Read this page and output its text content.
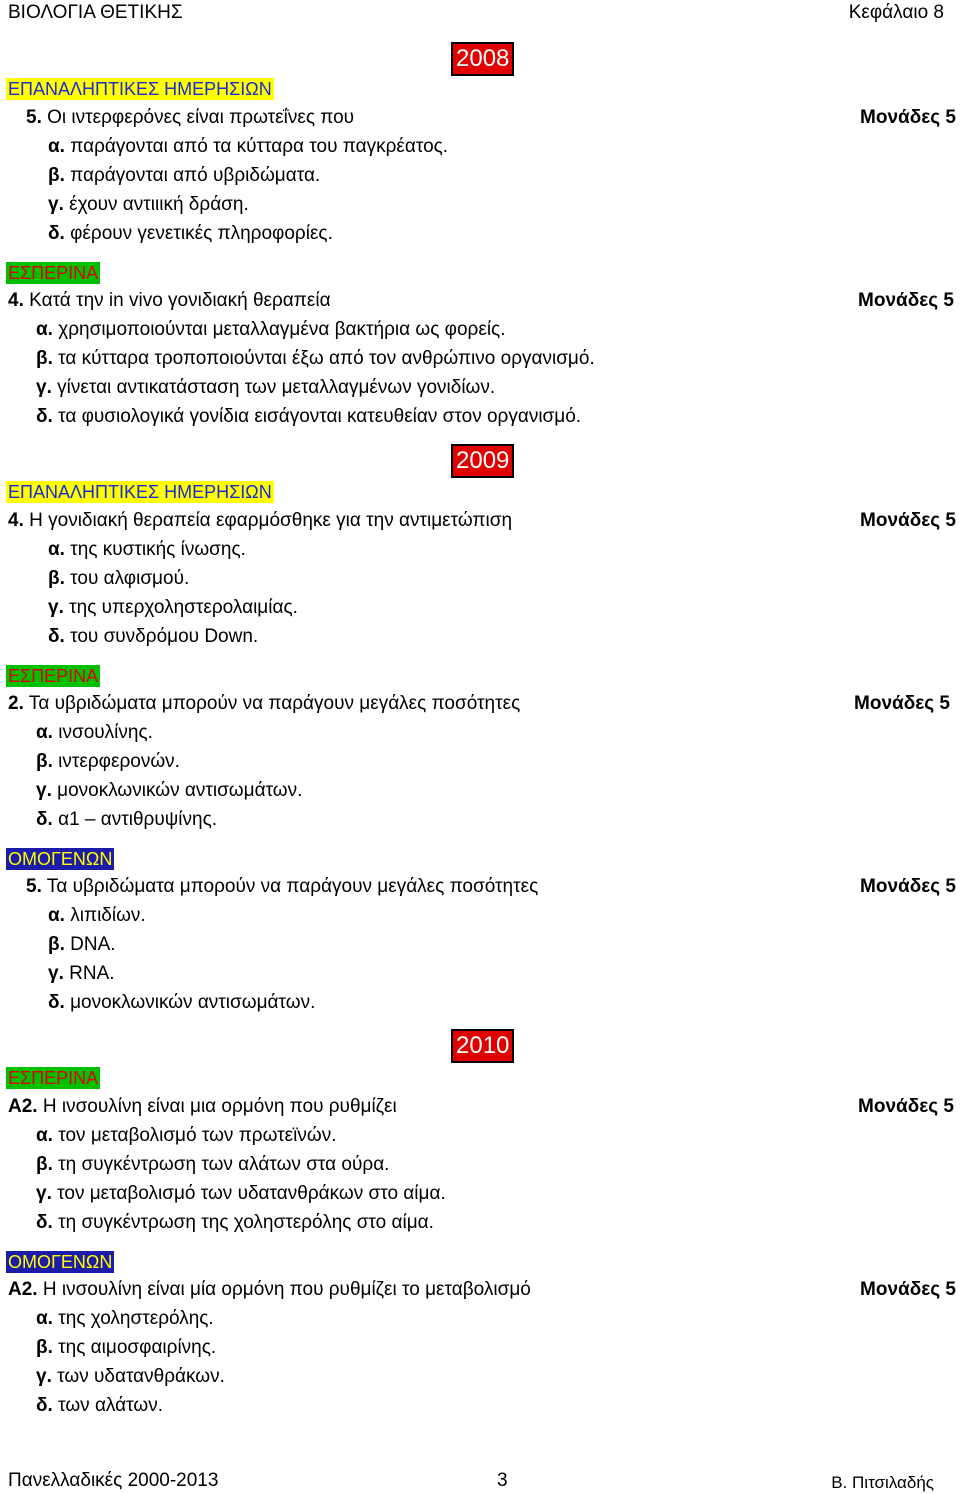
ΒΙΟΛΟΓΙΑ ΘΕΤΙΚΗΣ	Κεφάλαιο 8
2008
ΕΠΑΝΑΛΗΠΤΙΚΕΣ ΗΜΕΡΗΣΙΩΝ
5. Οι ιντερφερόνες είναι πρωτεΐνες που	Μονάδες 5
α. παράγονται από τα κύτταρα του παγκρέατος.
β. παράγονται από υβριδώματα.
γ. έχουν αντιιική δράση.
δ. φέρουν γενετικές πληροφορίες.
ΕΣΠΕΡΙΝΑ
4. Κατά την in vivo γονιδιακή θεραπεία	Μονάδες 5
α. χρησιμοποιούνται μεταλλαγμένα βακτήρια ως φορείς.
β. τα κύτταρα τροποποιούνται έξω από τον ανθρώπινο οργανισμό.
γ. γίνεται αντικατάσταση των μεταλλαγμένων γονιδίων.
δ. τα φυσιολογικά γονίδια εισάγονται κατευθείαν στον οργανισμό.
2009
ΕΠΑΝΑΛΗΠΤΙΚΕΣ ΗΜΕΡΗΣΙΩΝ
4. Η γονιδιακή θεραπεία εφαρμόσθηκε για την αντιμετώπιση	Μονάδες 5
α. της κυστικής ίνωσης.
β. του αλφισμού.
γ. της υπερχοληστερολαιμίας.
δ. του συνδρόμου Down.
ΕΣΠΕΡΙΝΑ
2. Τα υβριδώματα μπορούν να παράγουν μεγάλες ποσότητες	Μονάδες 5
α. ινσουλίνης.
β. ιντερφερονών.
γ. μονοκλωνικών αντισωμάτων.
δ. α1 – αντιθρυψίνης.
ΟΜΟΓΕΝΩΝ
5. Τα υβριδώματα μπορούν να παράγουν μεγάλες ποσότητες	Μονάδες 5
α. λιπιδίων.
β. DNA.
γ. RNA.
δ. μονοκλωνικών αντισωμάτων.
2010
ΕΣΠΕΡΙΝΑ
Α2. Η ινσουλίνη είναι μια ορμόνη που ρυθμίζει	Μονάδες 5
α. τον μεταβολισμό των πρωτεϊνών.
β. τη συγκέντρωση των αλάτων στα ούρα.
γ. τον μεταβολισμό των υδατανθράκων στο αίμα.
δ. τη συγκέντρωση της χοληστερόλης στο αίμα.
ΟΜΟΓΕΝΩΝ
Α2. Η ινσουλίνη είναι μία ορμόνη που ρυθμίζει το μεταβολισμό	Μονάδες 5
α. της χοληστερόλης.
β. της αιμοσφαιρίνης.
γ. των υδατανθράκων.
δ. των αλάτων.
Πανελλαδικές 2000-2013	3	Β. Πιτσιλαδής
